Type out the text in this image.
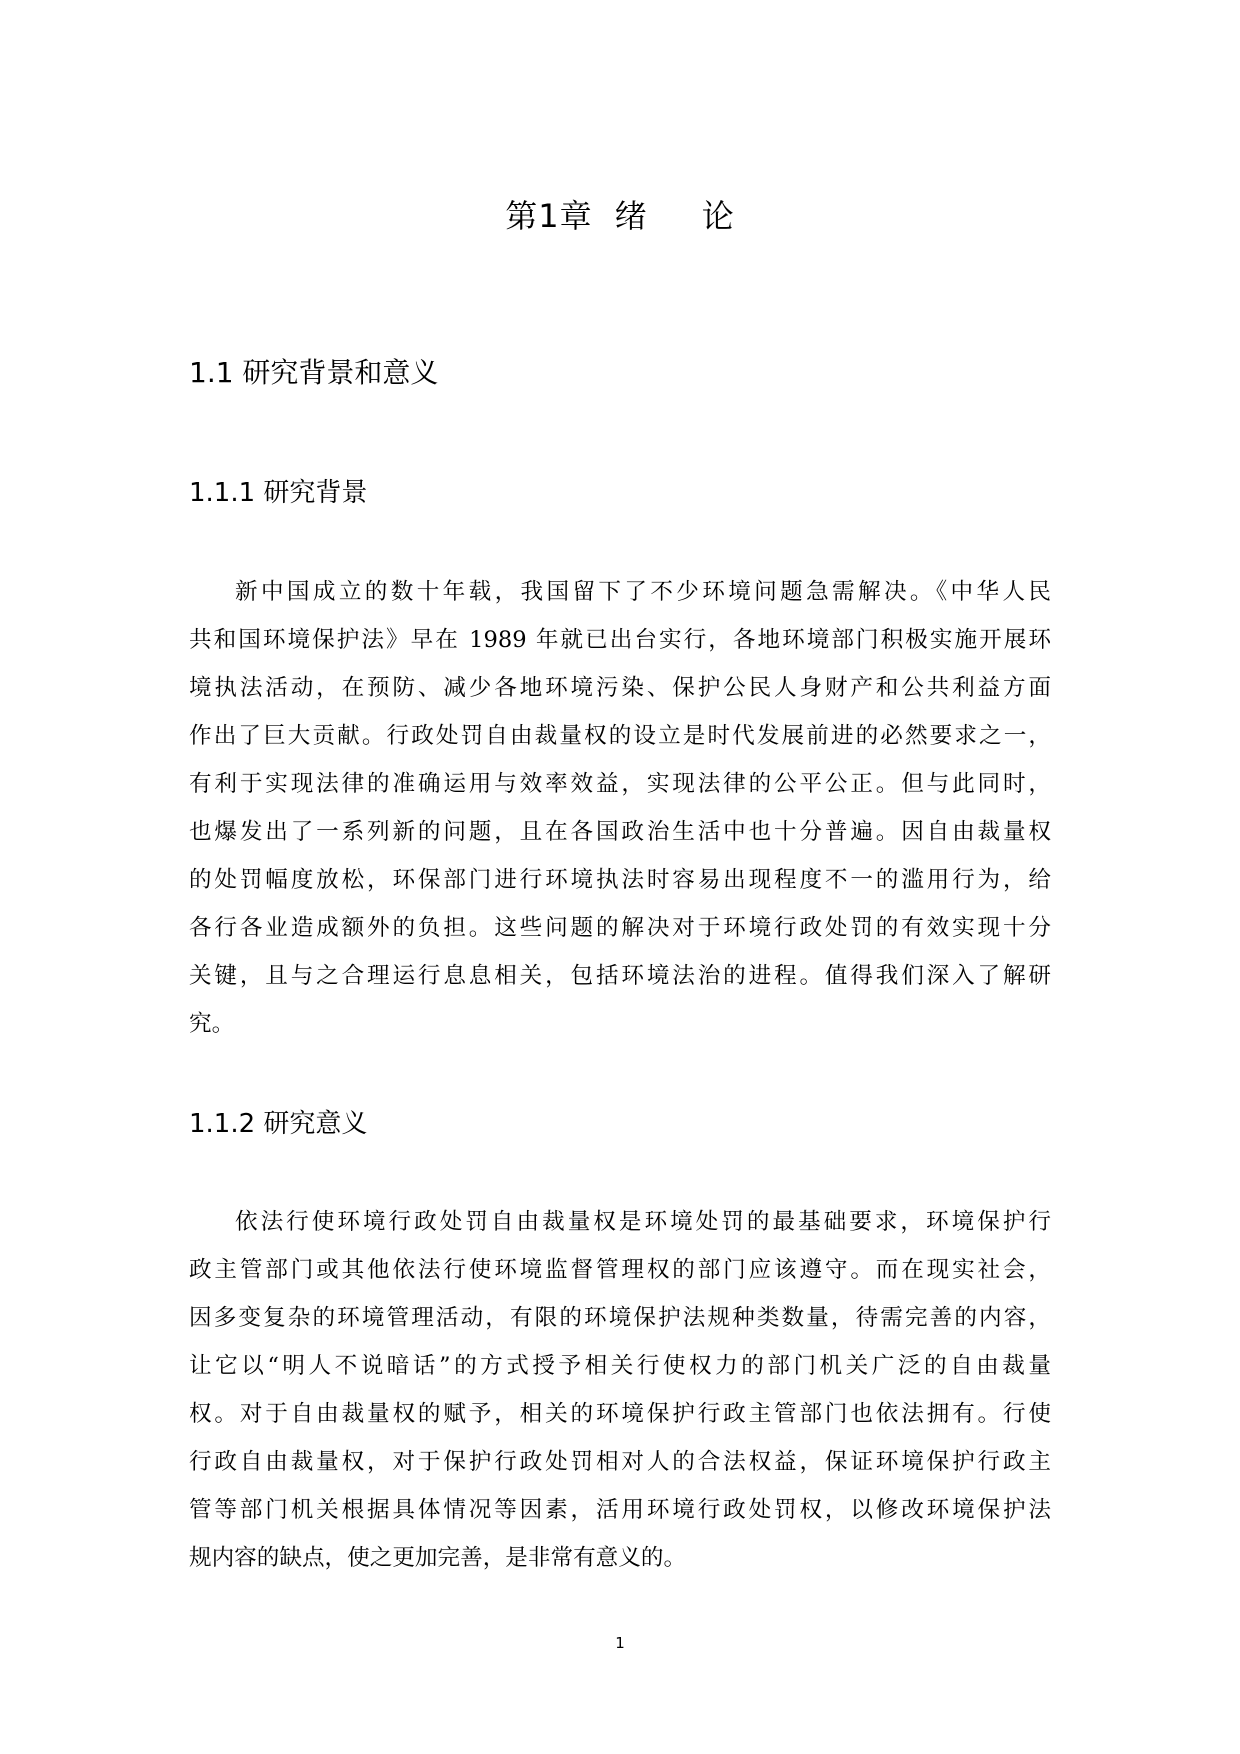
第1章 绪 论
1.1 研究背景和意义
1.1.1 研究背景
新中国成立的数十年载，我国留下了不少环境问题急需解决。《中华人民
共和国环境保护法》早在 1989 年就已出台实行，各地环境部门积极实施开展环
境执法活动，在预防、减少各地环境污染、保护公民人身财产和公共利益方面
作出了巨大贡献。行政处罚自由裁量权的设立是时代发展前进的必然要求之一，
有利于实现法律的准确运用与效率效益，实现法律的公平公正。但与此同时，
也爆发出了一系列新的问题，且在各国政治生活中也十分普遍。因自由裁量权
的处罚幅度放松，环保部门进行环境执法时容易出现程度不一的滥用行为，给
各行各业造成额外的负担。这些问题的解决对于环境行政处罚的有效实现十分
关键，且与之合理运行息息相关，包括环境法治的进程。值得我们深入了解研
究。
1.1.2 研究意义
依法行使环境行政处罚自由裁量权是环境处罚的最基础要求，环境保护行
政主管部门或其他依法行使环境监督管理权的部门应该遵守。而在现实社会，
因多变复杂的环境管理活动，有限的环境保护法规种类数量，待需完善的内容，
让它以“明人不说暗话”的方式授予相关行使权力的部门机关广泛的自由裁量
权。对于自由裁量权的赋予，相关的环境保护行政主管部门也依法拥有。行使
行政自由裁量权，对于保护行政处罚相对人的合法权益，保证环境保护行政主
管等部门机关根据具体情况等因素，活用环境行政处罚权，以修改环境保护法
规内容的缺点，使之更加完善，是非常有意义的。
1
